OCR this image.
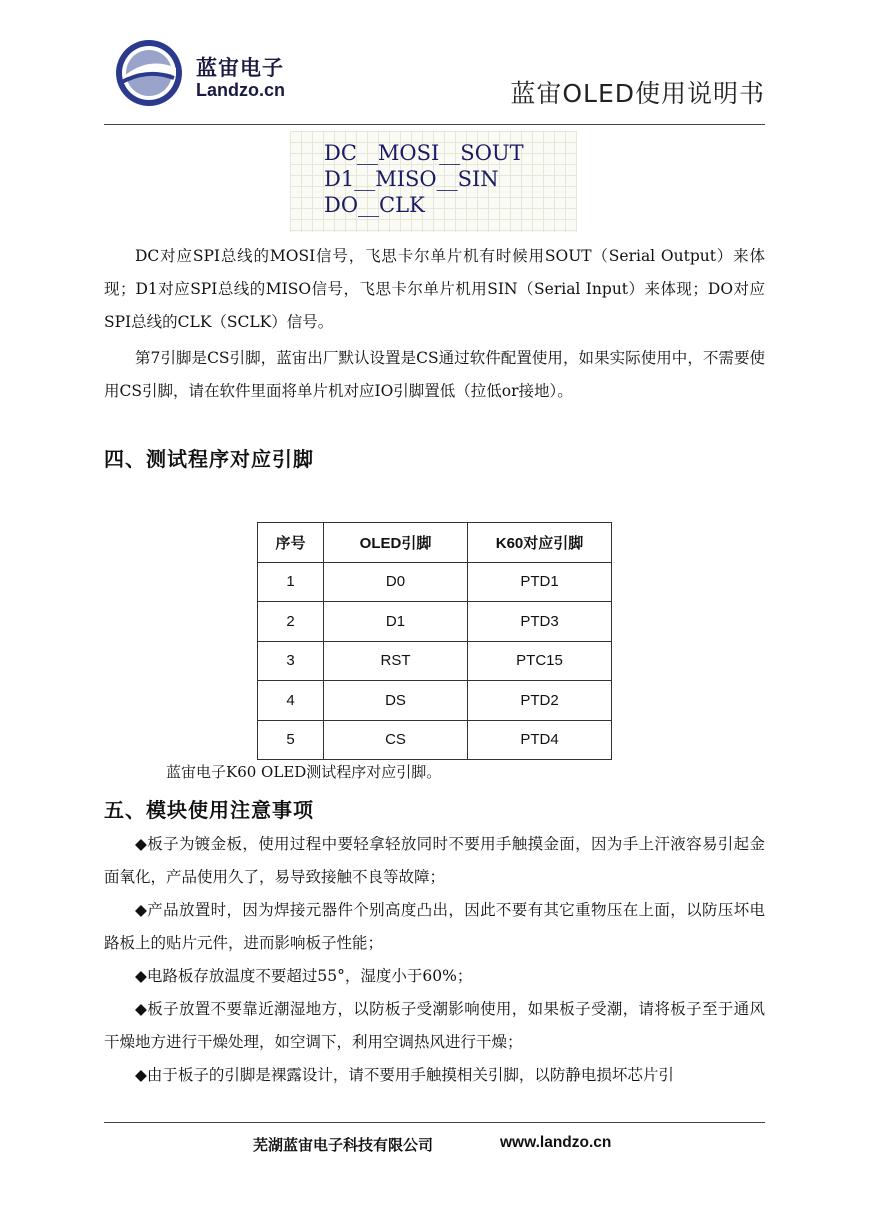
蓝宙电子
Landzo.cn	蓝宙OLED使用说明书
DC__MOSI__SOUT
D1__MISO__SIN
DO__CLK

DC对应SPI总线的MOSI信号，飞思卡尔单片机有时候用SOUT（Serial Output）来体现；D1对应SPI总线的MISO信号，飞思卡尔单片机用SIN（Serial Input）来体现；DO对应SPI总线的CLK（SCLK）信号。

第7引脚是CS引脚，蓝宙出厂默认设置是CS通过软件配置使用，如果实际使用中，不需要使用CS引脚，请在软件里面将单片机对应IO引脚置低（拉低or接地）。

四、测试程序对应引脚
序号	OLED引脚	K60对应引脚
1	D0	PTD1
2	D1	PTD3
3	RST	PTC15
4	DS	PTD2
5	CS	PTD4
蓝宙电子K60 OLED测试程序对应引脚。
五、模块使用注意事项

◆板子为镀金板，使用过程中要轻拿轻放同时不要用手触摸金面，因为手上汗液容易引起金面氧化，产品使用久了，易导致接触不良等故障；

◆产品放置时，因为焊接元器件个别高度凸出，因此不要有其它重物压在上面，以防压坏电路板上的贴片元件，进而影响板子性能；

◆电路板存放温度不要超过55°，湿度小于60%；

◆板子放置不要靠近潮湿地方，以防板子受潮影响使用，如果板子受潮，请将板子至于通风干燥地方进行干燥处理，如空调下，利用空调热风进行干燥；

◆由于板子的引脚是裸露设计，请不要用手触摸相关引脚，以防静电损坏芯片引

芜湖蓝宙电子科技有限公司	www.landzo.cn
